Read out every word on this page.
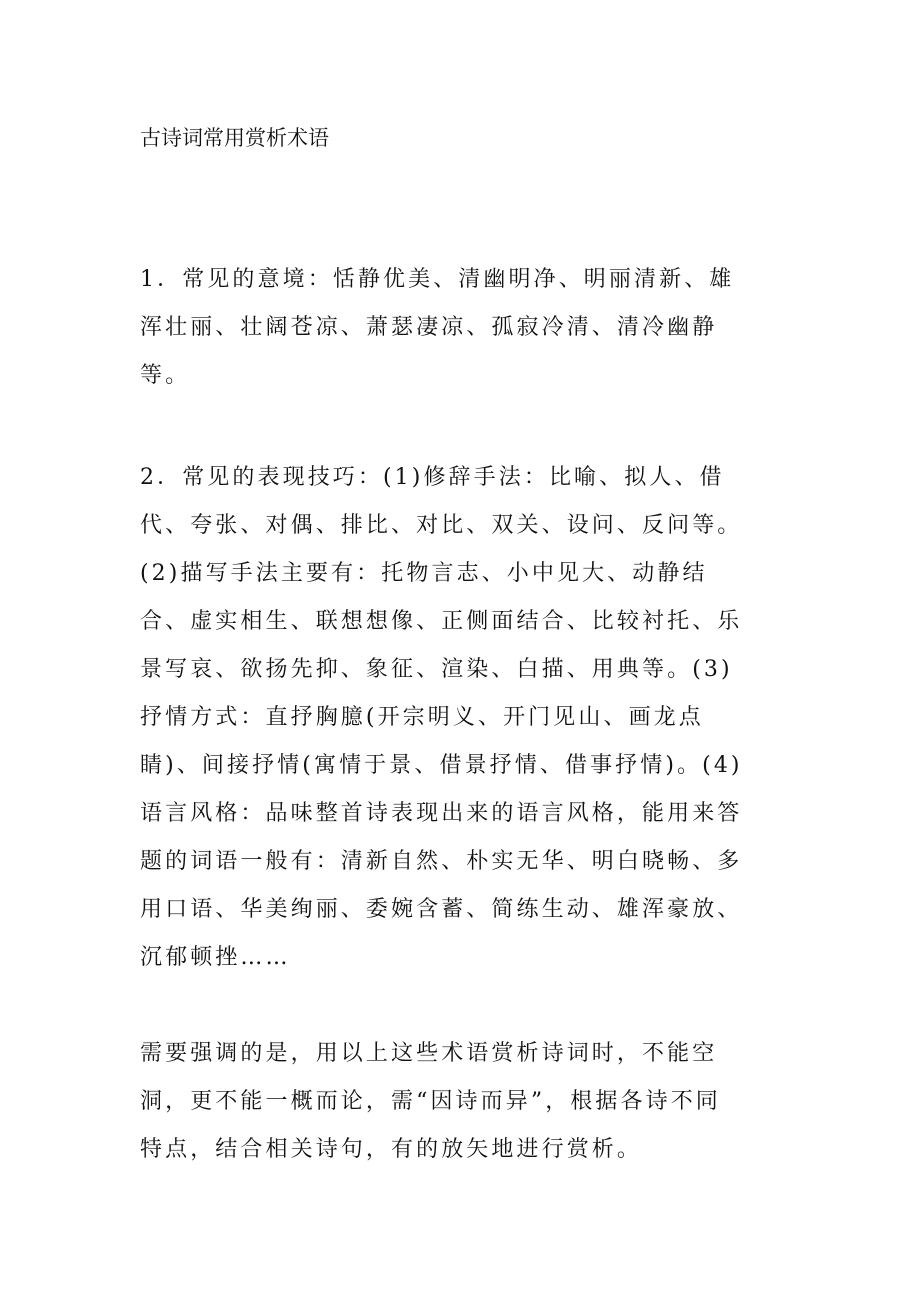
古诗词常用赏析术语

1．常见的意境：恬静优美、清幽明净、明丽清新、雄
浑壮丽、壮阔苍凉、萧瑟凄凉、孤寂冷清、清冷幽静
等。

2．常见的表现技巧：(1)修辞手法：比喻、拟人、借
代、夸张、对偶、排比、对比、双关、设问、反问等。
(2)描写手法主要有：托物言志、小中见大、动静结
合、虚实相生、联想想像、正侧面结合、比较衬托、乐
景写哀、欲扬先抑、象征、渲染、白描、用典等。(3)
抒情方式：直抒胸臆(开宗明义、开门见山、画龙点
睛)、间接抒情(寓情于景、借景抒情、借事抒情)。(4)
语言风格：品味整首诗表现出来的语言风格，能用来答
题的词语一般有：清新自然、朴实无华、明白晓畅、多
用口语、华美绚丽、委婉含蓄、简练生动、雄浑豪放、
沉郁顿挫……

需要强调的是，用以上这些术语赏析诗词时，不能空
洞，更不能一概而论，需“因诗而异”，根据各诗不同
特点，结合相关诗句，有的放矢地进行赏析。
